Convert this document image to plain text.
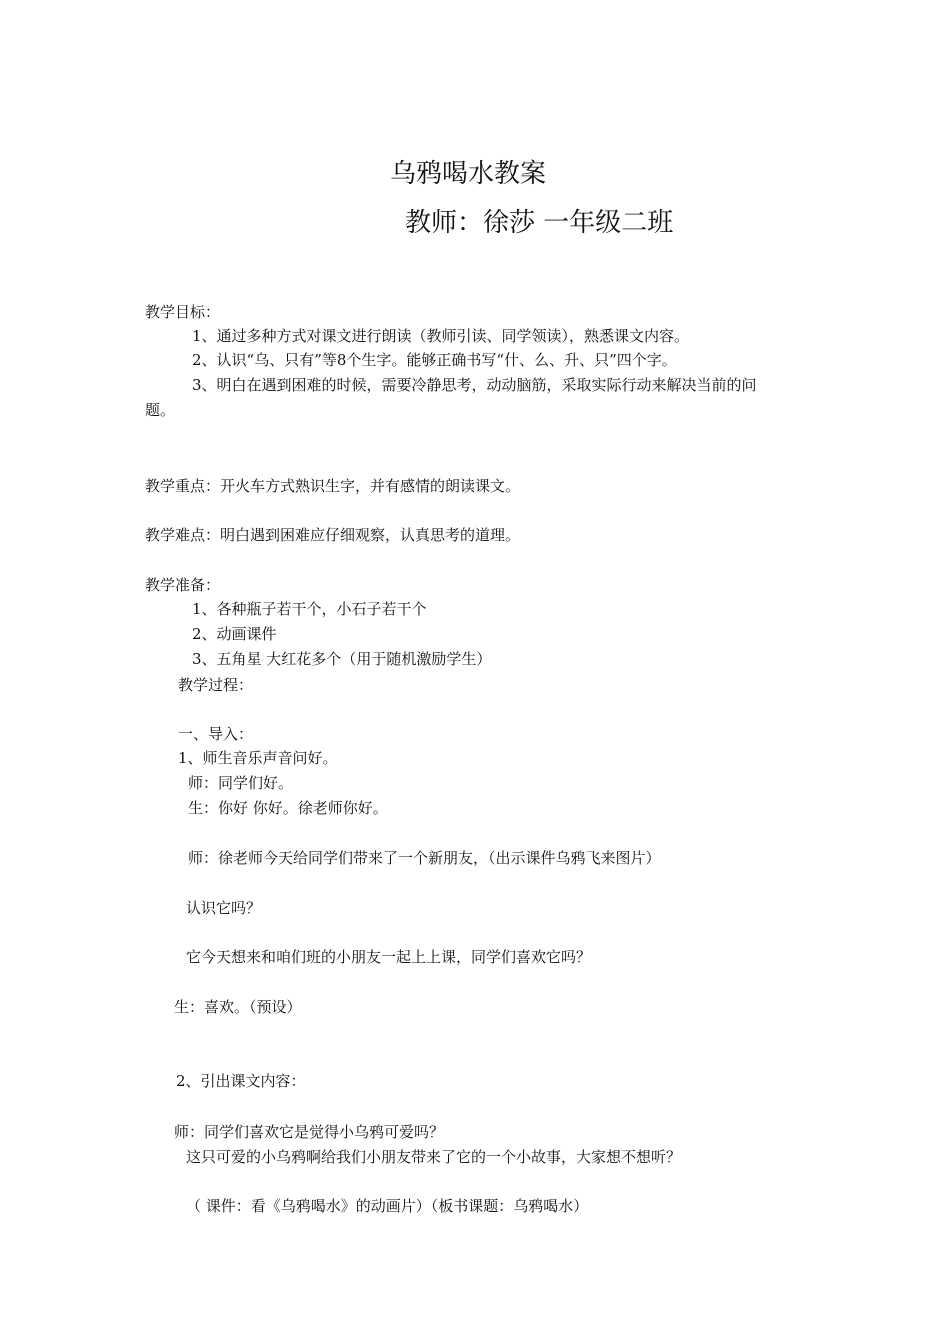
乌鸦喝水教案
教师：徐莎 一年级二班
教学目标：
1、通过多种方式对课文进行朗读（教师引读、同学领读），熟悉课文内容。
2、认识“乌、只有”等8个生字。能够正确书写“什、么、升、只”四个字。
3、明白在遇到困难的时候，需要冷静思考，动动脑筋，采取实际行动来解决当前的问
题。
教学重点：开火车方式熟识生字，并有感情的朗读课文。
教学难点：明白遇到困难应仔细观察，认真思考的道理。
教学准备：
1、各种瓶子若干个，小石子若干个
2、动画课件
3、五角星 大红花多个（用于随机激励学生）
教学过程：
一、导入：
1、师生音乐声音问好。
师：同学们好。
生：你好 你好。徐老师你好。
师：徐老师今天给同学们带来了一个新朋友，（出示课件乌鸦飞来图片）
认识它吗？
它今天想来和咱们班的小朋友一起上上课，同学们喜欢它吗？
生：喜欢。（预设）
2、引出课文内容：
师：同学们喜欢它是觉得小乌鸦可爱吗？
这只可爱的小乌鸦啊给我们小朋友带来了它的一个小故事，大家想不想听？
（ 课件：看《乌鸦喝水》的动画片）（板书课题：乌鸦喝水）
